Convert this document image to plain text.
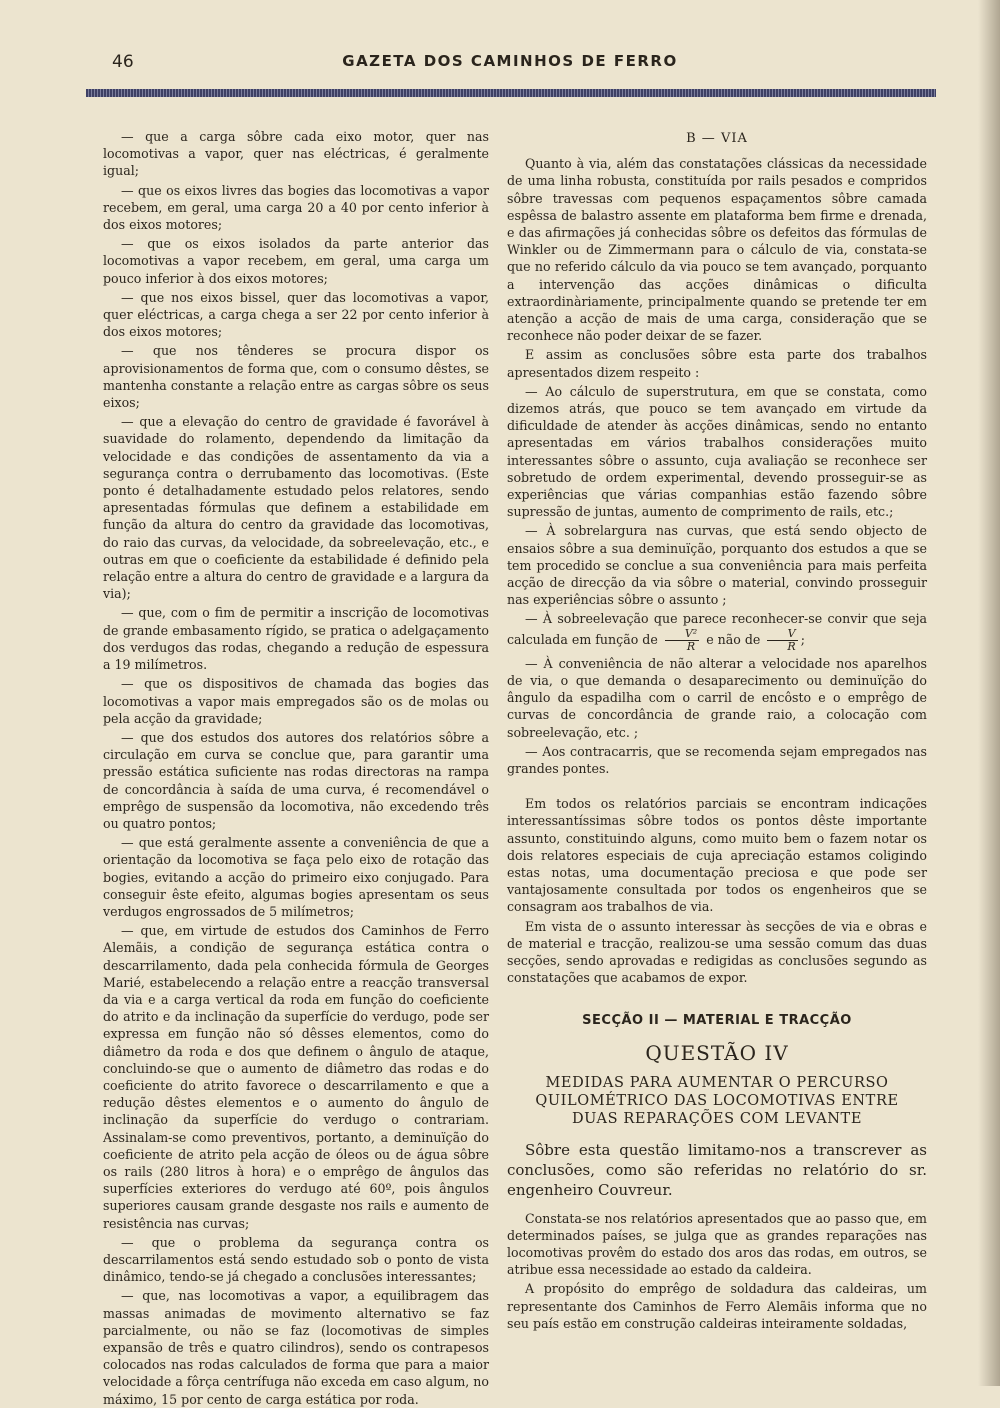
46	GAZETA DOS CAMINHOS DE FERRO

— que a carga sôbre cada eixo motor, quer nas locomotivas a vapor, quer nas eléctricas, é geralmente igual;

— que os eixos livres das bogies das locomotivas a vapor recebem, em geral, uma carga 20 a 40 por cento inferior à dos eixos motores;

— que os eixos isolados da parte anterior das locomotivas a vapor recebem, em geral, uma carga um pouco inferior à dos eixos motores;

— que nos eixos bissel, quer das locomotivas a vapor, quer eléctricas, a carga chega a ser 22 por cento inferior à dos eixos motores;

— que nos tênderes se procura dispor os aprovisionamentos de forma que, com o consumo dêstes, se mantenha constante a relação entre as cargas sôbre os seus eixos;

— que a elevação do centro de gravidade é favorável à suavidade do rolamento, dependendo da limitação da velocidade e das condições de assentamento da via a segurança contra o derrubamento das locomotivas. (Este ponto é detalhadamente estudado pelos relatores, sendo apresentadas fórmulas que definem a estabilidade em função da altura do centro da gravidade das locomotivas, do raio das curvas, da velocidade, da sobreelevação, etc., e outras em que o coeficiente da estabilidade é definido pela relação entre a altura do centro de gravidade e a largura da via);

— que, com o fim de permitir a inscrição de locomotivas de grande embasamento rígido, se pratica o adelgaçamento dos verdugos das rodas, chegando a redução de espessura a 19 milímetros.

— que os dispositivos de chamada das bogies das locomotivas a vapor mais empregados são os de molas ou pela acção da gravidade;

— que dos estudos dos autores dos relatórios sôbre a circulação em curva se conclue que, para garantir uma pressão estática suficiente nas rodas directoras na rampa de concordância à saída de uma curva, é recomendável o emprêgo de suspensão da locomotiva, não excedendo três ou quatro pontos;

— que está geralmente assente a conveniência de que a orientação da locomotiva se faça pelo eixo de rotação das bogies, evitando a acção do primeiro eixo conjugado. Para conseguir êste efeito, algumas bogies apresentam os seus verdugos engrossados de 5 milímetros;

— que, em virtude de estudos dos Caminhos de Ferro Alemãis, a condição de segurança estática contra o descarrilamento, dada pela conhecida fórmula de Georges Marié, estabelecendo a relação entre a reacção transversal da via e a carga vertical da roda em função do coeficiente do atrito e da inclinação da superfície do verdugo, pode ser expressa em função não só dêsses elementos, como do diâmetro da roda e dos que definem o ângulo de ataque, concluindo-se que o aumento de diâmetro das rodas e do coeficiente do atrito favorece o descarrilamento e que a redução dêstes elementos e o aumento do ângulo de inclinação da superfície do verdugo o contrariam. Assinalam-se como preventivos, portanto, a deminuïção do coeficiente de atrito pela acção de óleos ou de água sôbre os rails (280 litros à hora) e o emprêgo de ângulos das superfícies exteriores do verdugo até 60º, pois ângulos superiores causam grande desgaste nos rails e aumento de resistência nas curvas;

— que o problema da segurança contra os descarrilamentos está sendo estudado sob o ponto de vista dinâmico, tendo-se já chegado a conclusões interessantes;

— que, nas locomotivas a vapor, a equilibragem das massas animadas de movimento alternativo se faz parcialmente, ou não se faz (locomotivas de simples expansão de três e quatro cilindros), sendo os contrapesos colocados nas rodas calculados de forma que para a maior velocidade a fôrça centrífuga não exceda em caso algum, no máximo, 15 por cento de carga estática por roda.

B — VIA

Quanto à via, além das constatações clássicas da necessidade de uma linha robusta, constituída por rails pesados e compridos sôbre travessas com pequenos espaçamentos sôbre camada espêssa de balastro assente em plataforma bem firme e drenada, e das afirmações já conhecidas sôbre os defeitos das fórmulas de Winkler ou de Zimmermann para o cálculo de via, constata-se que no referido cálculo da via pouco se tem avançado, porquanto a intervenção das acções dinâmicas o dificulta extraordinàriamente, principalmente quando se pretende ter em atenção a acção de mais de uma carga, consideração que se reconhece não poder deixar de se fazer.

E assim as conclusões sôbre esta parte dos trabalhos apresentados dizem respeito :

— Ao cálculo de superstrutura, em que se constata, como dizemos atrás, que pouco se tem avançado em virtude da dificuldade de atender às acções dinâmicas, sendo no entanto apresentadas em vários trabalhos considerações muito interessantes sôbre o assunto, cuja avaliação se reconhece ser sobretudo de ordem experimental, devendo prosseguir-se as experiências que várias companhias estão fazendo sôbre supressão de juntas, aumento de comprimento de rails, etc.;

— À sobrelargura nas curvas, que está sendo objecto de ensaios sôbre a sua deminuïção, porquanto dos estudos a que se tem procedido se conclue a sua conveniência para mais perfeita acção de direcção da via sôbre o material, convindo prosseguir nas experiências sôbre o assunto ;

— À sobreelevação que parece reconhecer-se convir que seja calculada em função de $\frac{\text{V²}}{R}$ e não de $\frac{V}{R}$ ;

— À conveniência de não alterar a velocidade nos aparelhos de via, o que demanda o desaparecimento ou deminuïção do ângulo da espadilha com o carril de encôsto e o emprêgo de curvas de concordância de grande raio, a colocação com sobreelevação, etc. ;

— Aos contracarris, que se recomenda sejam empregados nas grandes pontes.

Em todos os relatórios parciais se encontram indicações interessantíssimas sôbre todos os pontos dêste importante assunto, constituindo alguns, como muito bem o fazem notar os dois relatores especiais de cuja apreciação estamos coligindo estas notas, uma documentação preciosa e que pode ser vantajosamente consultada por todos os engenheiros que se consagram aos trabalhos de via.

Em vista de o assunto interessar às secções de via e obras e de material e tracção, realizou-se uma sessão comum das duas secções, sendo aprovadas e redigidas as conclusões segundo as constatações que acabamos de expor.

SECÇÃO II — MATERIAL E TRACÇÃO

QUESTÃO IV

MEDIDAS PARA AUMENTAR O PERCURSO
QUILOMÉTRICO DAS LOCOMOTIVAS ENTRE
DUAS REPARAÇÕES COM LEVANTE

Sôbre esta questão limitamo-nos a transcrever as conclusões, como são referidas no relatório do sr. engenheiro Couvreur.

Constata-se nos relatórios apresentados que ao passo que, em determinados países, se julga que as grandes reparações nas locomotivas provêm do estado dos aros das rodas, em outros, se atribue essa necessidade ao estado da caldeira.

A propósito do emprêgo de soldadura das caldeiras, um representante dos Caminhos de Ferro Alemãis informa que no seu país estão em construção caldeiras inteiramente soldadas,
